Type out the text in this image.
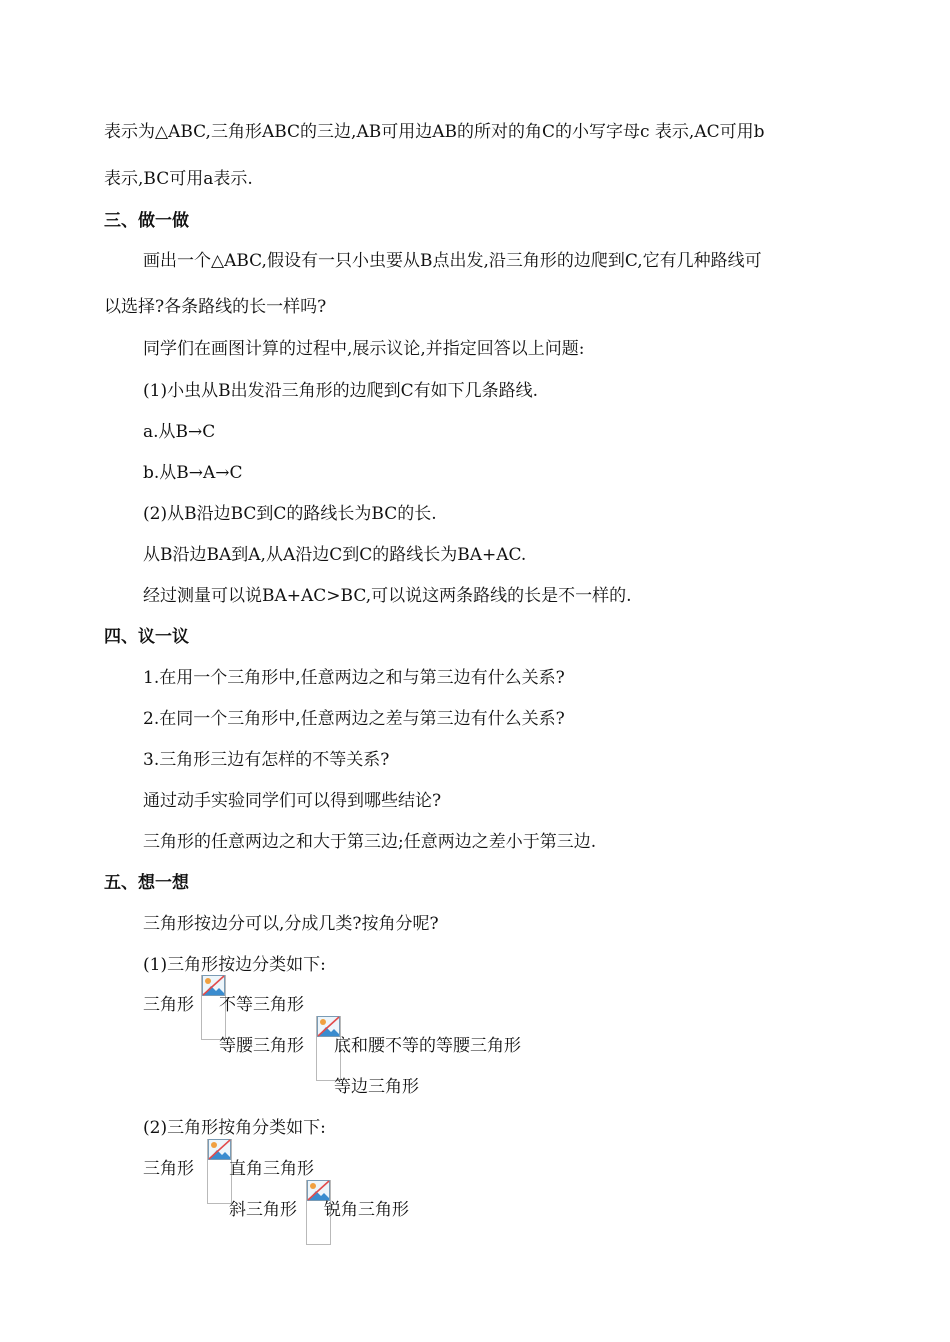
表示为△ABC,三角形ABC的三边,AB可用边AB的所对的角C的小写字母c 表示,AC可用b
表示,BC可用a表示.
三、做一做
画出一个△ABC,假设有一只小虫要从B点出发,沿三角形的边爬到C,它有几种路线可
以选择?各条路线的长一样吗?
同学们在画图计算的过程中,展示议论,并指定回答以上问题:
(1)小虫从B出发沿三角形的边爬到C有如下几条路线.
a.从B→C
b.从B→A→C
(2)从B沿边BC到C的路线长为BC的长.
从B沿边BA到A,从A沿边C到C的路线长为BA+AC.
经过测量可以说BA+AC>BC,可以说这两条路线的长是不一样的.
四、议一议
1.在用一个三角形中,任意两边之和与第三边有什么关系?
2.在同一个三角形中,任意两边之差与第三边有什么关系?
3.三角形三边有怎样的不等关系?
通过动手实验同学们可以得到哪些结论?
三角形的任意两边之和大于第三边;任意两边之差小于第三边.
五、想一想
三角形按边分可以,分成几类?按角分呢?
(1)三角形按边分类如下:
三角形 不等三角形
等腰三角形 底和腰不等的等腰三角形
等边三角形
(2)三角形按角分类如下:
三角形 直角三角形
斜三角形 锐角三角形
